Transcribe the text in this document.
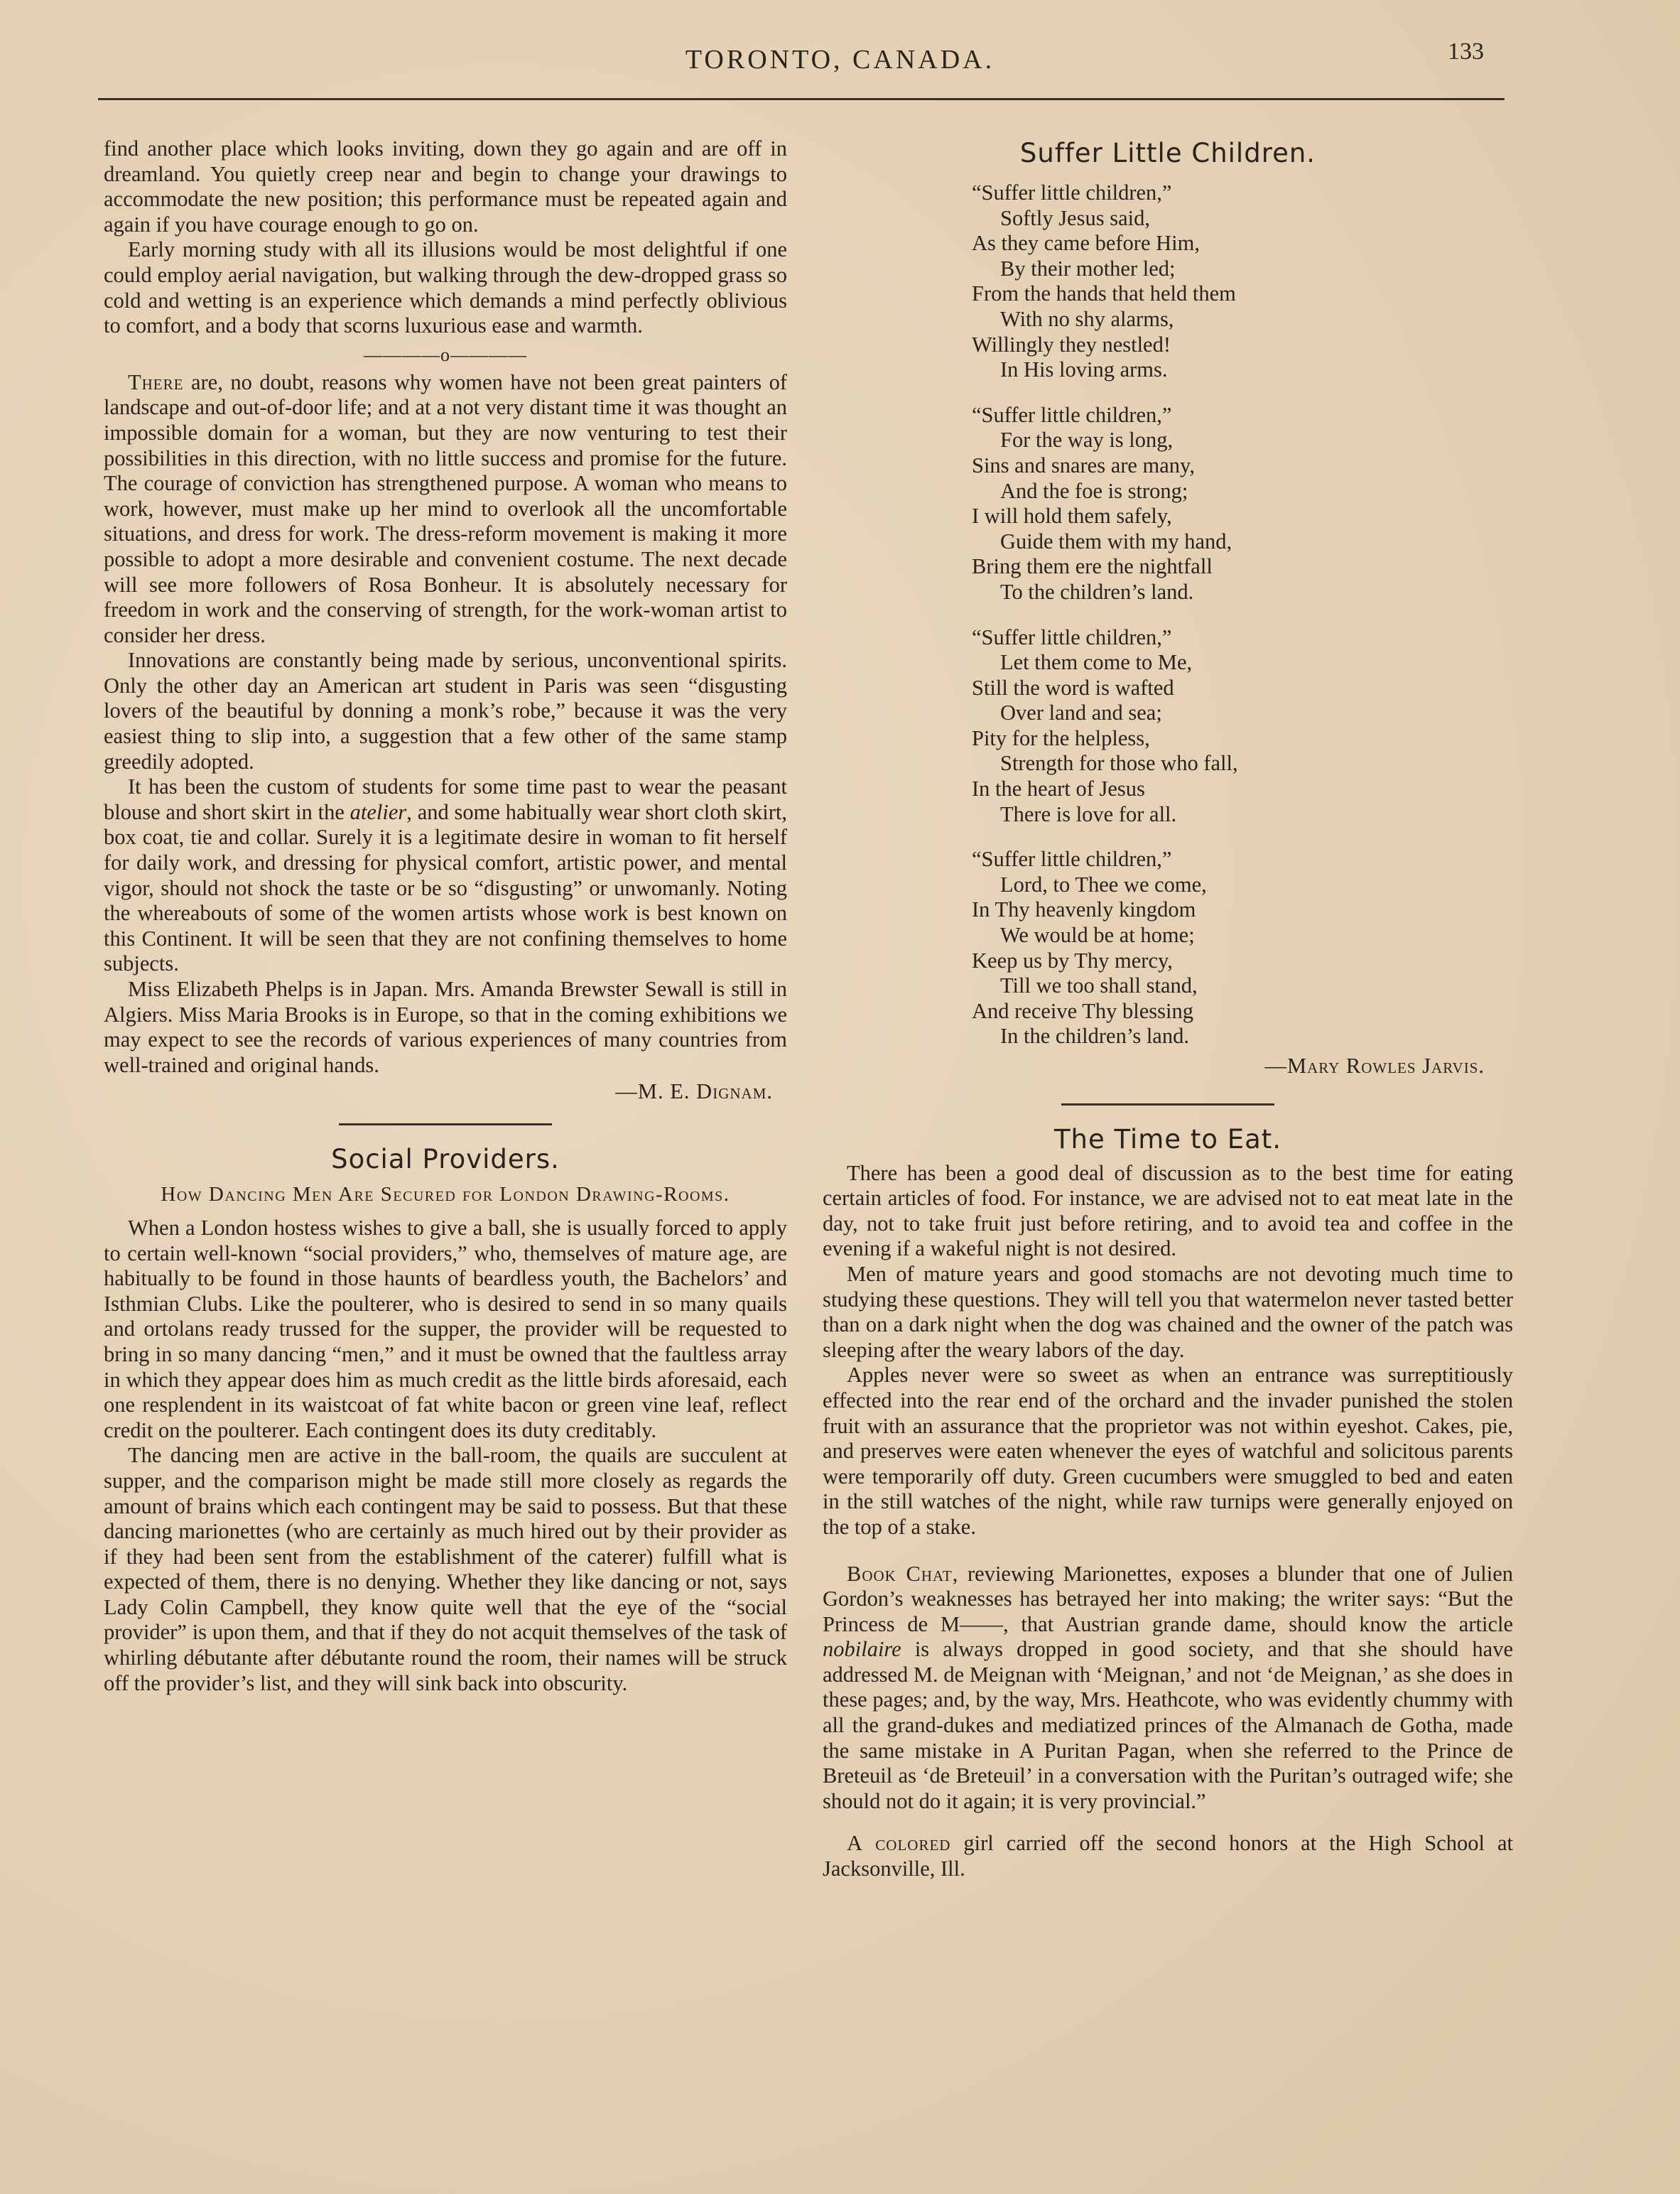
TORONTO, CANADA.	133

find another place which looks inviting, down they go again and are off in dreamland. You quietly creep near and begin to change your drawings to accommodate the new position; this performance must be repeated again and again if you have courage enough to go on.

Early morning study with all its illusions would be most delightful if one could employ aerial navigation, but walking through the dew-dropped grass so cold and wetting is an experience which demands a mind perfectly oblivious to comfort, and a body that scorns luxurious ease and warmth.

————o————

There are, no doubt, reasons why women have not been great painters of landscape and out-of-door life; and at a not very distant time it was thought an impossible domain for a woman, but they are now venturing to test their possibilities in this direction, with no little success and promise for the future. The courage of conviction has strengthened purpose. A woman who means to work, however, must make up her mind to overlook all the uncomfortable situations, and dress for work. The dress-reform movement is making it more possible to adopt a more desirable and convenient costume. The next decade will see more followers of Rosa Bonheur. It is absolutely necessary for freedom in work and the conserving of strength, for the work-woman artist to consider her dress.

Innovations are constantly being made by serious, unconventional spirits. Only the other day an American art student in Paris was seen “disgusting lovers of the beautiful by donning a monk’s robe,” because it was the very easiest thing to slip into, a suggestion that a few other of the same stamp greedily adopted.

It has been the custom of students for some time past to wear the peasant blouse and short skirt in the atelier, and some habitually wear short cloth skirt, box coat, tie and collar. Surely it is a legitimate desire in woman to fit herself for daily work, and dressing for physical comfort, artistic power, and mental vigor, should not shock the taste or be so “disgusting” or unwomanly. Noting the whereabouts of some of the women artists whose work is best known on this Continent. It will be seen that they are not confining themselves to home subjects.

Miss Elizabeth Phelps is in Japan. Mrs. Amanda Brewster Sewall is still in Algiers. Miss Maria Brooks is in Europe, so that in the coming exhibitions we may expect to see the records of various experiences of many countries from well-trained and original hands.

—M. E. Dignam.
Social Providers.
How Dancing Men Are Secured for London Drawing-Rooms.

When a London hostess wishes to give a ball, she is usually forced to apply to certain well-known “social providers,” who, themselves of mature age, are habitually to be found in those haunts of beardless youth, the Bachelors’ and Isthmian Clubs. Like the poulterer, who is desired to send in so many quails and ortolans ready trussed for the supper, the provider will be requested to bring in so many dancing “men,” and it must be owned that the faultless array in which they appear does him as much credit as the little birds aforesaid, each one resplendent in its waistcoat of fat white bacon or green vine leaf, reflect credit on the poulterer. Each contingent does its duty creditably.

The dancing men are active in the ball-room, the quails are succulent at supper, and the comparison might be made still more closely as regards the amount of brains which each contingent may be said to possess. But that these dancing marionettes (who are certainly as much hired out by their provider as if they had been sent from the establishment of the caterer) fulfill what is expected of them, there is no denying. Whether they like dancing or not, says Lady Colin Campbell, they know quite well that the eye of the “social provider” is upon them, and that if they do not acquit themselves of the task of whirling débutante after débutante round the room, their names will be struck off the provider’s list, and they will sink back into obscurity.

Suffer Little Children.
“Suffer little children,”
Softly Jesus said,
As they came before Him,
By their mother led;
From the hands that held them
With no shy alarms,
Willingly they nestled!
In His loving arms.
“Suffer little children,”
For the way is long,
Sins and snares are many,
And the foe is strong;
I will hold them safely,
Guide them with my hand,
Bring them ere the nightfall
To the children’s land.
“Suffer little children,”
Let them come to Me,
Still the word is wafted
Over land and sea;
Pity for the helpless,
Strength for those who fall,
In the heart of Jesus
There is love for all.
“Suffer little children,”
Lord, to Thee we come,
In Thy heavenly kingdom
We would be at home;
Keep us by Thy mercy,
Till we too shall stand,
And receive Thy blessing
In the children’s land.
—Mary Rowles Jarvis.
The Time to Eat.

There has been a good deal of discussion as to the best time for eating certain articles of food. For instance, we are advised not to eat meat late in the day, not to take fruit just before retiring, and to avoid tea and coffee in the evening if a wakeful night is not desired.

Men of mature years and good stomachs are not devoting much time to studying these questions. They will tell you that watermelon never tasted better than on a dark night when the dog was chained and the owner of the patch was sleeping after the weary labors of the day.

Apples never were so sweet as when an entrance was surreptitiously effected into the rear end of the orchard and the invader punished the stolen fruit with an assurance that the proprietor was not within eyeshot. Cakes, pie, and preserves were eaten whenever the eyes of watchful and solicitous parents were temporarily off duty. Green cucumbers were smuggled to bed and eaten in the still watches of the night, while raw turnips were generally enjoyed on the top of a stake.

Book Chat, reviewing Marionettes, exposes a blunder that one of Julien Gordon’s weaknesses has betrayed her into making; the writer says: “But the Princess de M——, that Austrian grande dame, should know the article nobilaire is always dropped in good society, and that she should have addressed M. de Meignan with ‘Meignan,’ and not ‘de Meignan,’ as she does in these pages; and, by the way, Mrs. Heathcote, who was evidently chummy with all the grand-dukes and mediatized princes of the Almanach de Gotha, made the same mistake in A Puritan Pagan, when she referred to the Prince de Breteuil as ‘de Breteuil’ in a conversation with the Puritan’s outraged wife; she should not do it again; it is very provincial.”

A colored girl carried off the second honors at the High School at Jacksonville, Ill.
